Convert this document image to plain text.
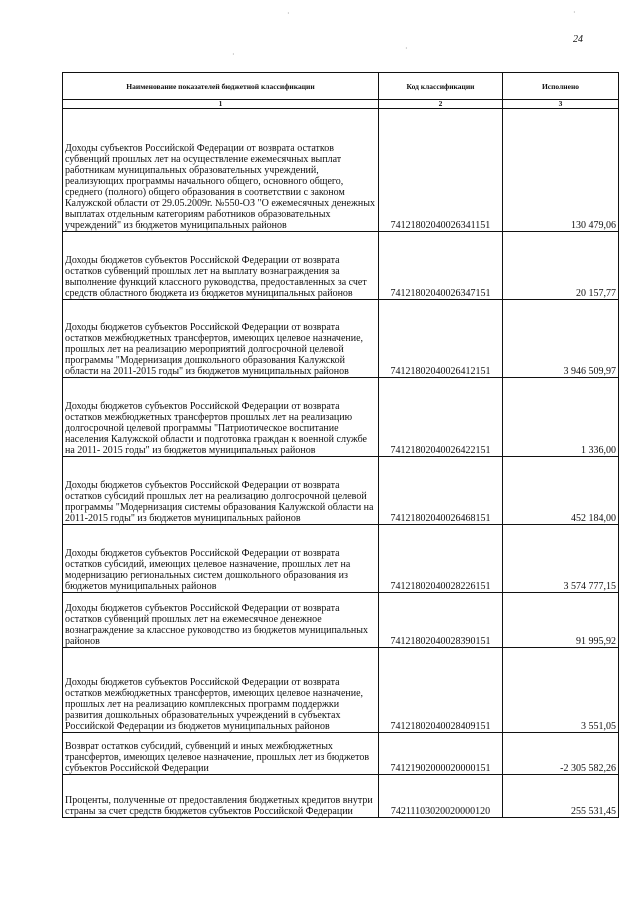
24
·	·
·
·
Наименование показателей бюджетной классификации	Код классификации	Исполнено
1	2	3

Доходы субъектов Российской Федерации от возврата остатков субвенций прошлых лет на осуществление ежемесячных выплат работникам муниципальных образовательных учреждений, реализующих программы начального общего, основного общего, среднего (полного) общего образования в соответствии с законом Калужской области от 29.05.2009г. №550-ОЗ "О ежемесячных денежных выплатах отдельным категориям работников образовательных учреждений" из бюджетов муниципальных районов	74121802040026341151	130 479,06

Доходы бюджетов субъектов Российской Федерации от возврата остатков субвенций прошлых лет на выплату вознаграждения за выполнение функций классного руководства, предоставленных за счет средств областного бюджета из бюджетов муниципальных районов	74121802040026347151	20 157,77

Доходы бюджетов субъектов Российской Федерации от возврата остатков межбюджетных трансфертов, имеющих целевое назначение, прошлых лет на реализацию мероприятий долгосрочной целевой программы "Модернизация дошкольного образования Калужской области на 2011-2015 годы" из бюджетов муниципальных районов	74121802040026412151	3 946 509,97

Доходы бюджетов субъектов Российской Федерации от возврата остатков межбюджетных трансфертов прошлых лет на реализацию долгосрочной целевой программы "Патриотическое воспитание населения Калужской области и подготовка граждан к военной службе на 2011- 2015 годы" из бюджетов муниципальных районов	74121802040026422151	1 336,00

Доходы бюджетов субъектов Российской Федерации от возврата остатков субсидий прошлых лет на реализацию долгосрочной целевой программы "Модернизация системы образования Калужской области на 2011-2015 годы" из бюджетов муниципальных районов	74121802040026468151	452 184,00

Доходы бюджетов субъектов Российской Федерации от возврата остатков субсидий, имеющих целевое назначение, прошлых лет на модернизацию региональных систем дошкольного образования из бюджетов муниципальных районов	74121802040028226151	3 574 777,15

Доходы бюджетов субъектов Российской Федерации от возврата остатков субвенций прошлых лет на ежемесячное денежное вознаграждение за классное руководство из бюджетов муниципальных районов	74121802040028390151	91 995,92

Доходы бюджетов субъектов Российской Федерации от возврата остатков межбюджетных трансфертов, имеющих целевое назначение, прошлых лет на реализацию комплексных программ поддержки развития дошкольных образовательных учреждений в субъектах Российской Федерации из бюджетов муниципальных районов	74121802040028409151	3 551,05

Возврат остатков субсидий, субвенций и иных межбюджетных трансфертов, имеющих целевое назначение, прошлых лет из бюджетов субъектов Российской Федерации	74121902000020000151	-2 305 582,26

Проценты, полученные от предоставления бюджетных кредитов внутри страны за счет средств бюджетов субъектов Российской Федерации	74211103020020000120	255 531,45
